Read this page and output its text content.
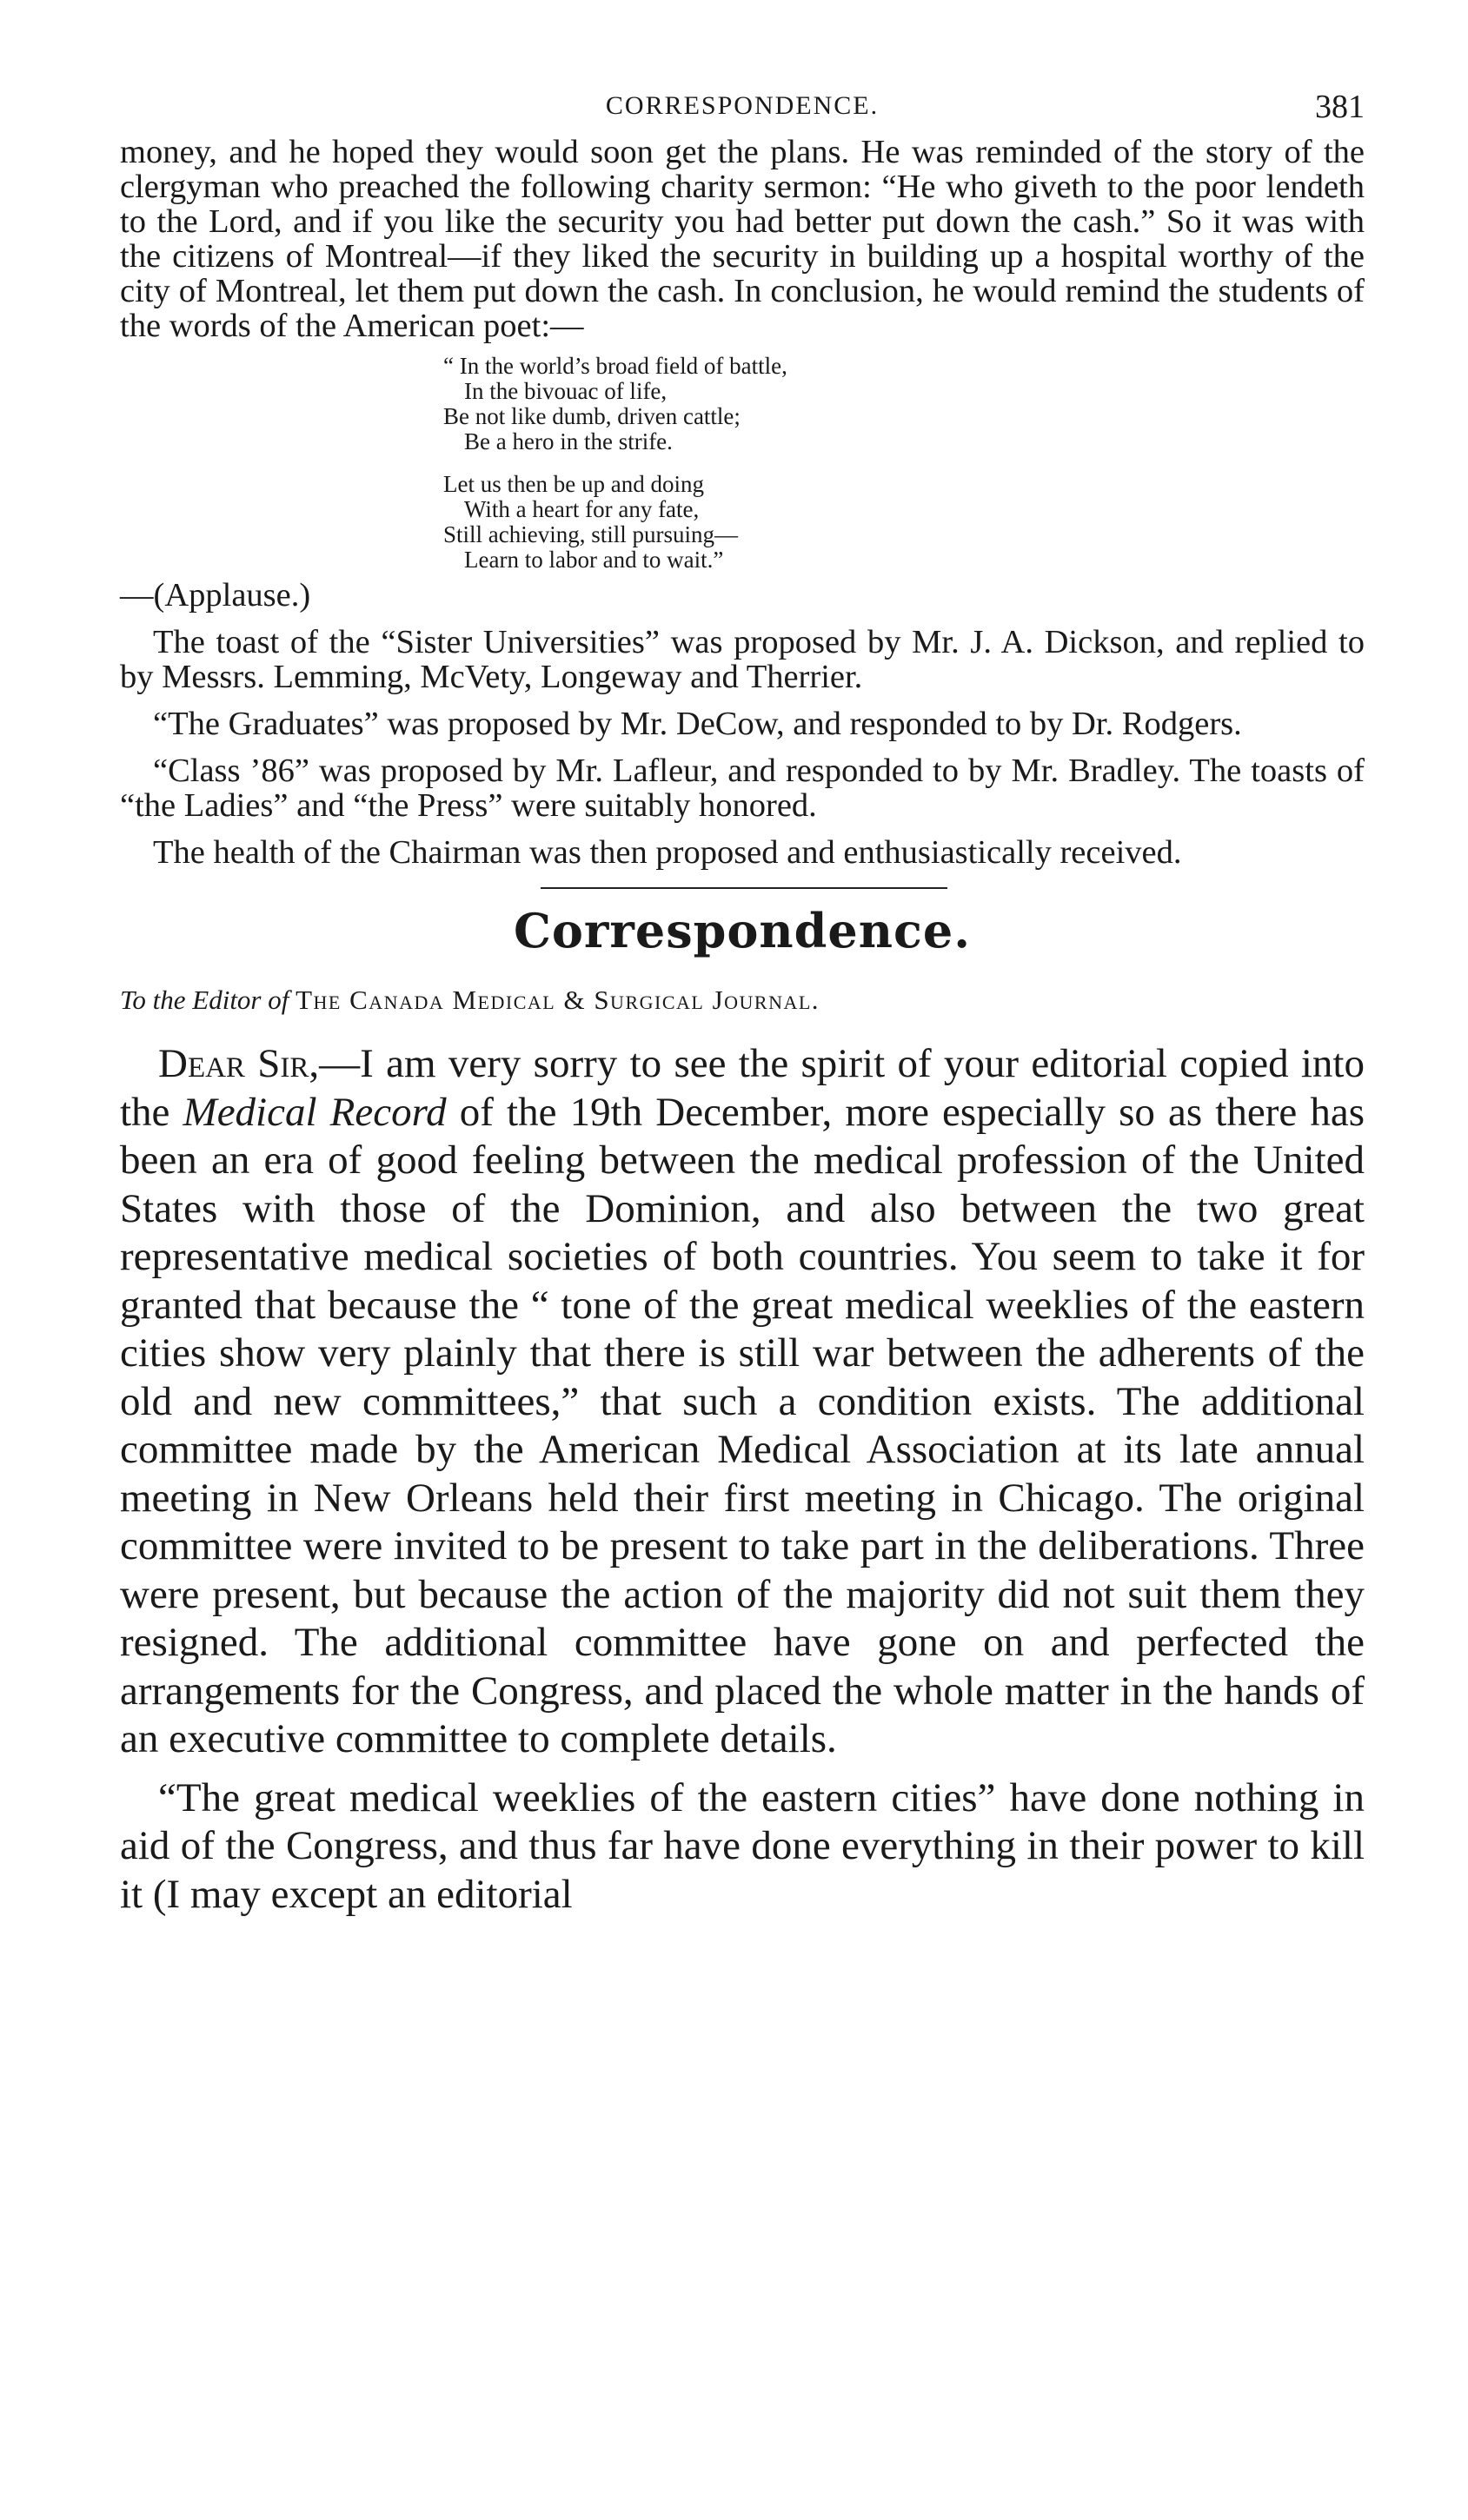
CORRESPONDENCE.	381

money, and he hoped they would soon get the plans. He was reminded of the story of the clergyman who preached the following charity sermon: “He who giveth to the poor lendeth to the Lord, and if you like the security you had better put down the cash.” So it was with the citizens of Montreal—if they liked the security in building up a hospital worthy of the city of Montreal, let them put down the cash. In conclusion, he would remind the students of the words of the American poet:—

“ In the world’s broad field of battle,
In the bivouac of life,
Be not like dumb, driven cattle;
Be a hero in the strife.
Let us then be up and doing
With a heart for any fate,
Still achieving, still pursuing—
Learn to labor and to wait.”
—(Applause.)

The toast of the “Sister Universities” was proposed by Mr. J. A. Dickson, and replied to by Messrs. Lemming, McVety, Longeway and Therrier.

“The Graduates” was proposed by Mr. DeCow, and responded to by Dr. Rodgers.

“Class ’86” was proposed by Mr. Lafleur, and responded to by Mr. Bradley. The toasts of “the Ladies” and “the Press” were suitably honored.

The health of the Chairman was then proposed and enthusiastically received.

Correspondence.
To the Editor of The Canada Medical & Surgical Journal.

Dear Sir,—I am very sorry to see the spirit of your editorial copied into the Medical Record of the 19th December, more especially so as there has been an era of good feeling between the medical profession of the United States with those of the Dominion, and also between the two great representative medical societies of both countries. You seem to take it for granted that because the “ tone of the great medical weeklies of the eastern cities show very plainly that there is still war between the adherents of the old and new committees,” that such a condition exists. The additional committee made by the American Medical Association at its late annual meeting in New Orleans held their first meeting in Chicago. The original committee were invited to be present to take part in the deliberations. Three were present, but because the action of the majority did not suit them they resigned. The additional committee have gone on and perfected the arrangements for the Congress, and placed the whole matter in the hands of an executive committee to complete details.

“The great medical weeklies of the eastern cities” have done nothing in aid of the Congress, and thus far have done everything in their power to kill it (I may except an editorial
